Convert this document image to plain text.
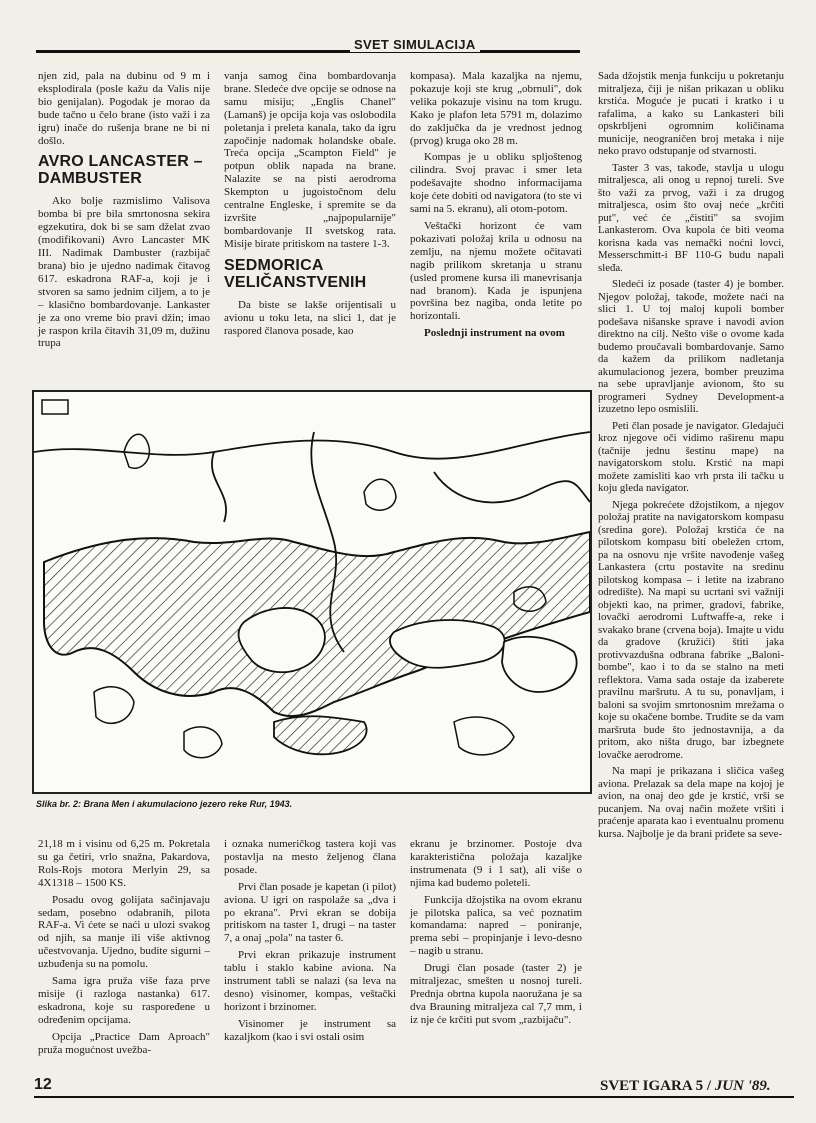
SVET SIMULACIJA

njen zid, pala na dubinu od 9 m i eksplodirala (posle kažu da Valis nije bio genijalan). Pogodak je morao da bude tačno u čelo brane (isto važi i za igru) inače do rušenja brane ne bi ni došlo.

AVRO LANCASTER – DAMBUSTER

Ako bolje razmislimo Valisova bomba bi pre bila smrtonosna sekira egzekutira, dok bi se sam dželat zvao (modifikovani) Avro Lancaster MK III. Nadimak Dambuster (razbijač brana) bio je ujedno nadimak čitavog 617. eskadrona RAF-a, koji je i stvoren sa samo jednim ciljem, a to je – klasično bombardovanje. Lankaster je za ono vreme bio pravi džin; imao je raspon krila čitavih 31,09 m, dužinu trupa

vanja samog čina bombardovanja brane. Sledeće dve opcije se odnose na samu misiju; „Englis Chanel" (Lamanš) je opcija koja vas oslobodila poletanja i preleta kanala, tako da igru započinje nadomak holandske obale. Treća opcija „Scampton Field" je potpun oblik napada na brane. Nalazite se na pisti aerodroma Skempton u jugoistočnom delu centralne Engleske, i spremite se da izvršite „najpopularnije" bombardovanje II svetskog rata. Misije birate pritiskom na tastere 1-3.

SEDMORICA VELIČANSTVENIH

Da biste se lakše orijentisali u avionu u toku leta, na slici 1, dat je raspored članova posade, kao

kompasa). Mala kazaljka na njemu, pokazuje koji ste krug „obrnuli", dok velika pokazuje visinu na tom krugu. Kako je plafon leta 5791 m, dolazimo do zaključka da je vrednost jednog (prvog) kruga oko 28 m.

Kompas je u obliku spljoštenog cilindra. Svoj pravac i smer leta podešavajte shodno informacijama koje ćete dobiti od navigatora (to ste vi sami na 5. ekranu), ali otom-potom.

Veštački horizont će vam pokazivati položaj krila u odnosu na zemlju, na njemu možete očitavati nagib prilikom skretanja u stranu (usled promene kursa ili manevrisanja nad branom). Kada je ispunjena površina bez nagiba, onda letite po horizontali.

Poslednji instrument na ovom

Sada džojstik menja funkciju u pokretanju mitraljeza, čiji je nišan prikazan u obliku krstića. Moguće je pucati i kratko i u rafalima, a kako su Lankasteri bili opskrbljeni ogromnim količinama municije, neograničen broj metaka i nije neko pravo odstupanje od stvarnosti.

Taster 3 vas, takođe, stavlja u ulogu mitraljesca, ali onog u repnoj tureli. Sve što važi za prvog, važi i za drugog mitraljesca, osim što ovaj neće „krčiti put", već će „čistiti" sa svojim Lankasterom. Ova kupola će biti veoma korisna kada vas nemački noćni lovci, Messerschmitt-i BF 110-G budu napali sleđa.

Sledeći iz posade (taster 4) je bomber. Njegov položaj, takođe, možete naći na slici 1. U toj maloj kupoli bomber podešava nišanske sprave i navodi avion direktno na cilj. Nešto više o ovome kada budemo proučavali bombardovanje. Samo da kažem da prilikom nadletanja akumulacionog jezera, bomber preuzima na sebe upravljanje avionom, što su programeri Sydney Development-a izuzetno lepo osmislili.

Peti član posade je navigator. Gledajući kroz njegove oči vidimo raširenu mapu (tačnije jednu šestinu mape) na navigatorskom stolu. Krstić na mapi možete zamisliti kao vrh prsta ili tačku u koju gleda navigator.

Njega pokrećete džojstikom, a njegov položaj pratite na navigatorskom kompasu (sredina gore). Položaj krstića će na pilotskom kompasu biti obeležen crtom, pa na osnovu nje vršite navođenje vašeg Lankastera (crtu postavite na sredinu pilotskog kompasa – i letite na izabrano odredište). Na mapi su ucrtani svi važniji objekti kao, na primer, gradovi, fabrike, lovački aerodromi Luftwaffe-a, reke i svakako brane (crvena boja). Imajte u vidu da gradove (kružići) štiti jaka protivvazdušna odbrana fabrike „Baloni-bombe", kao i to da se stalno na meti reflektora. Vama sada ostaje da izaberete pravilnu maršrutu. A tu su, ponavljam, i baloni sa svojim smrtonosnim mrežama o koje su okačene bombe. Trudite se da vam maršruta bude što jednostavnija, a da pritom, ako ništa drugo, bar izbegnete lovačke aerodrome.

Na mapi je prikazana i sličica vašeg aviona. Prelazak sa dela mape na kojoj je avion, na onaj deo gde je krstić, vrši se pucanjem. Na ovaj način možete vršiti i praćenje aparata kao i eventualnu promenu kursa. Najbolje je da brani priđete sa seve-

Slika br. 2: Brana Men i akumulaciono jezero reke Rur, 1943.

21,18 m i visinu od 6,25 m. Pokretala su ga četiri, vrlo snažna, Pakardova, Rols-Rojs motora Merlyin 29, sa 4X1318 – 1500 KS.

Posadu ovog golijata sačinjavaju sedam, posebno odabranih, pilota RAF-a. Vi ćete se naći u ulozi svakog od njih, sa manje ili više aktivnog učestvovanja. Ujedno, budite sigurni – uzbuđenja su na pomolu.

Sama igra pruža više faza prve misije (i razloga nastanka) 617. eskadrona, koje su raspoređene u određenim opcijama.

Opcija „Practice Dam Aproach" pruža mogućnost uvežba-

i oznaka numeričkog tastera koji vas postavlja na mesto željenog člana posade.

Prvi član posade je kapetan (i pilot) aviona. U igri on raspolaže sa „dva i po ekrana". Prvi ekran se dobija pritiskom na taster 1, drugi – na taster 7, a onaj „pola" na taster 6.

Prvi ekran prikazuje instrument tablu i staklo kabine aviona. Na instrument tabli se nalazi (sa leva na desno) visinomer, kompas, veštački horizont i brzinomer.

Visinomer je instrument sa kazaljkom (kao i svi ostali osim

ekranu je brzinomer. Postoje dva karakteristična položaja kazaljke instrumenata (9 i 1 sat), ali više o njima kad budemo poleteli.

Funkcija džojstika na ovom ekranu je pilotska palica, sa već poznatim komandama: napred – poniranje, prema sebi – propinjanje i levo-desno – nagib u stranu.

Drugi član posade (taster 2) je mitraljezac, smešten u nosnoj tureli. Prednja obrtna kupola naoružana je sa dva Brauning mitraljeza cal 7,7 mm, i iz nje će krčiti put svom „razbijaču".

12	SVET IGARA 5 / JUN '89.
